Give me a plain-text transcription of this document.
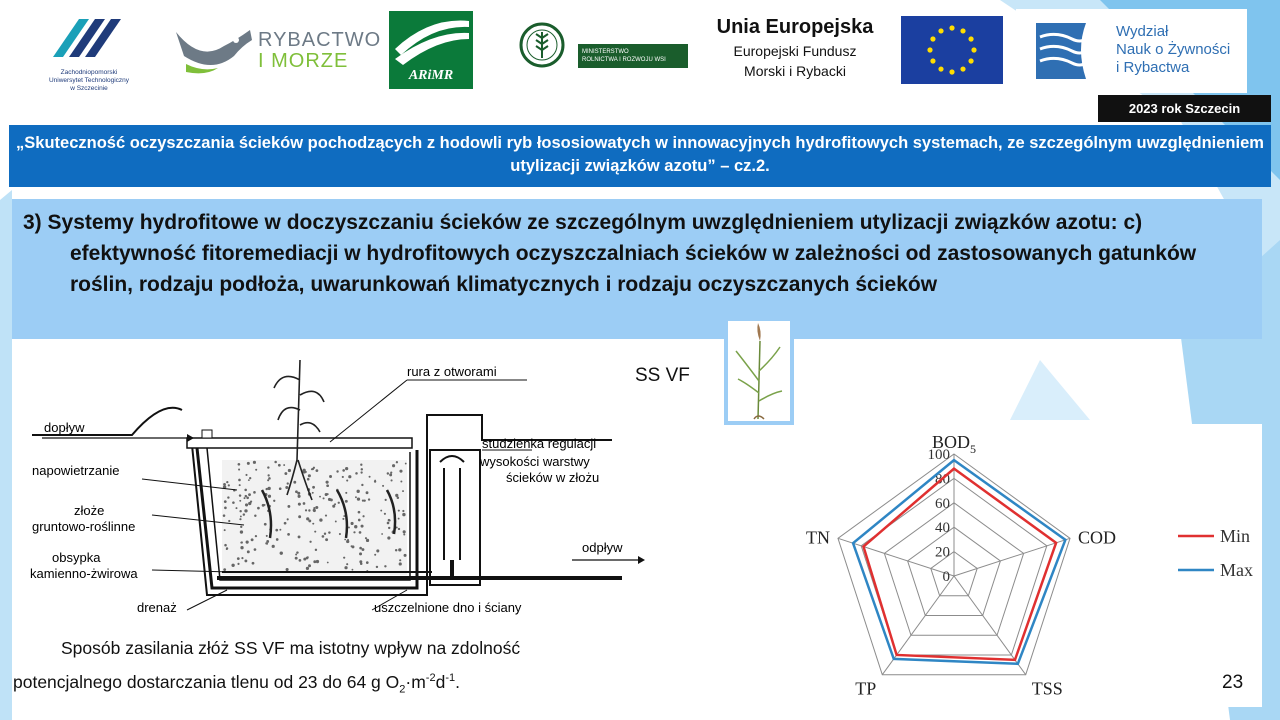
Zachodniopomorski
Uniwersytet Technologiczny
w Szczecinie
RYBACTWO
I MORZE
ARiMR
MINISTERSTWO
ROLNICTWA I ROZWOJU WSI
Unia Europejska
Europejski Fundusz
Morski i Rybacki
Wydział
Nauk o Żywności
i Rybactwa
2023 rok Szczecin
„Skuteczność oczyszczania ścieków pochodzących z hodowli ryb łososiowatych w innowacyjnych hydrofitowych systemach, ze szczególnym uwzględnieniem utylizacji związków azotu” – cz.2.
3) Systemy hydrofitowe w doczyszczaniu ścieków ze szczególnym uwzględnieniem utylizacji związków azotu: c) efektywność fitoremediacji w hydrofitowych oczyszczalniach ścieków w zależności od zastosowanych gatunków roślin, rodzaju podłoża, uwarunkowań klimatycznych i rodzaju oczyszczanych ścieków
SS VF
rura z otworami
dopływ
studzienka regulacji
wysokości warstwy
ścieków w złożu
napowietrzanie
złoże
gruntowo-roślinne
obsypka
kamienno-żwirowa
odpływ
drenaż	uszczelnione dno i ściany
Sposób zasilania złóż SS VF ma istotny wpływ na zdolność
potencjalnego dostarczania tlenu od 23 do 64 g $O_2\cdot m^{-2}d^{-1}$.
0
20
40
60
80
100
$BOD_5$
COD
TSS
TP
TN	Min
Max
23
